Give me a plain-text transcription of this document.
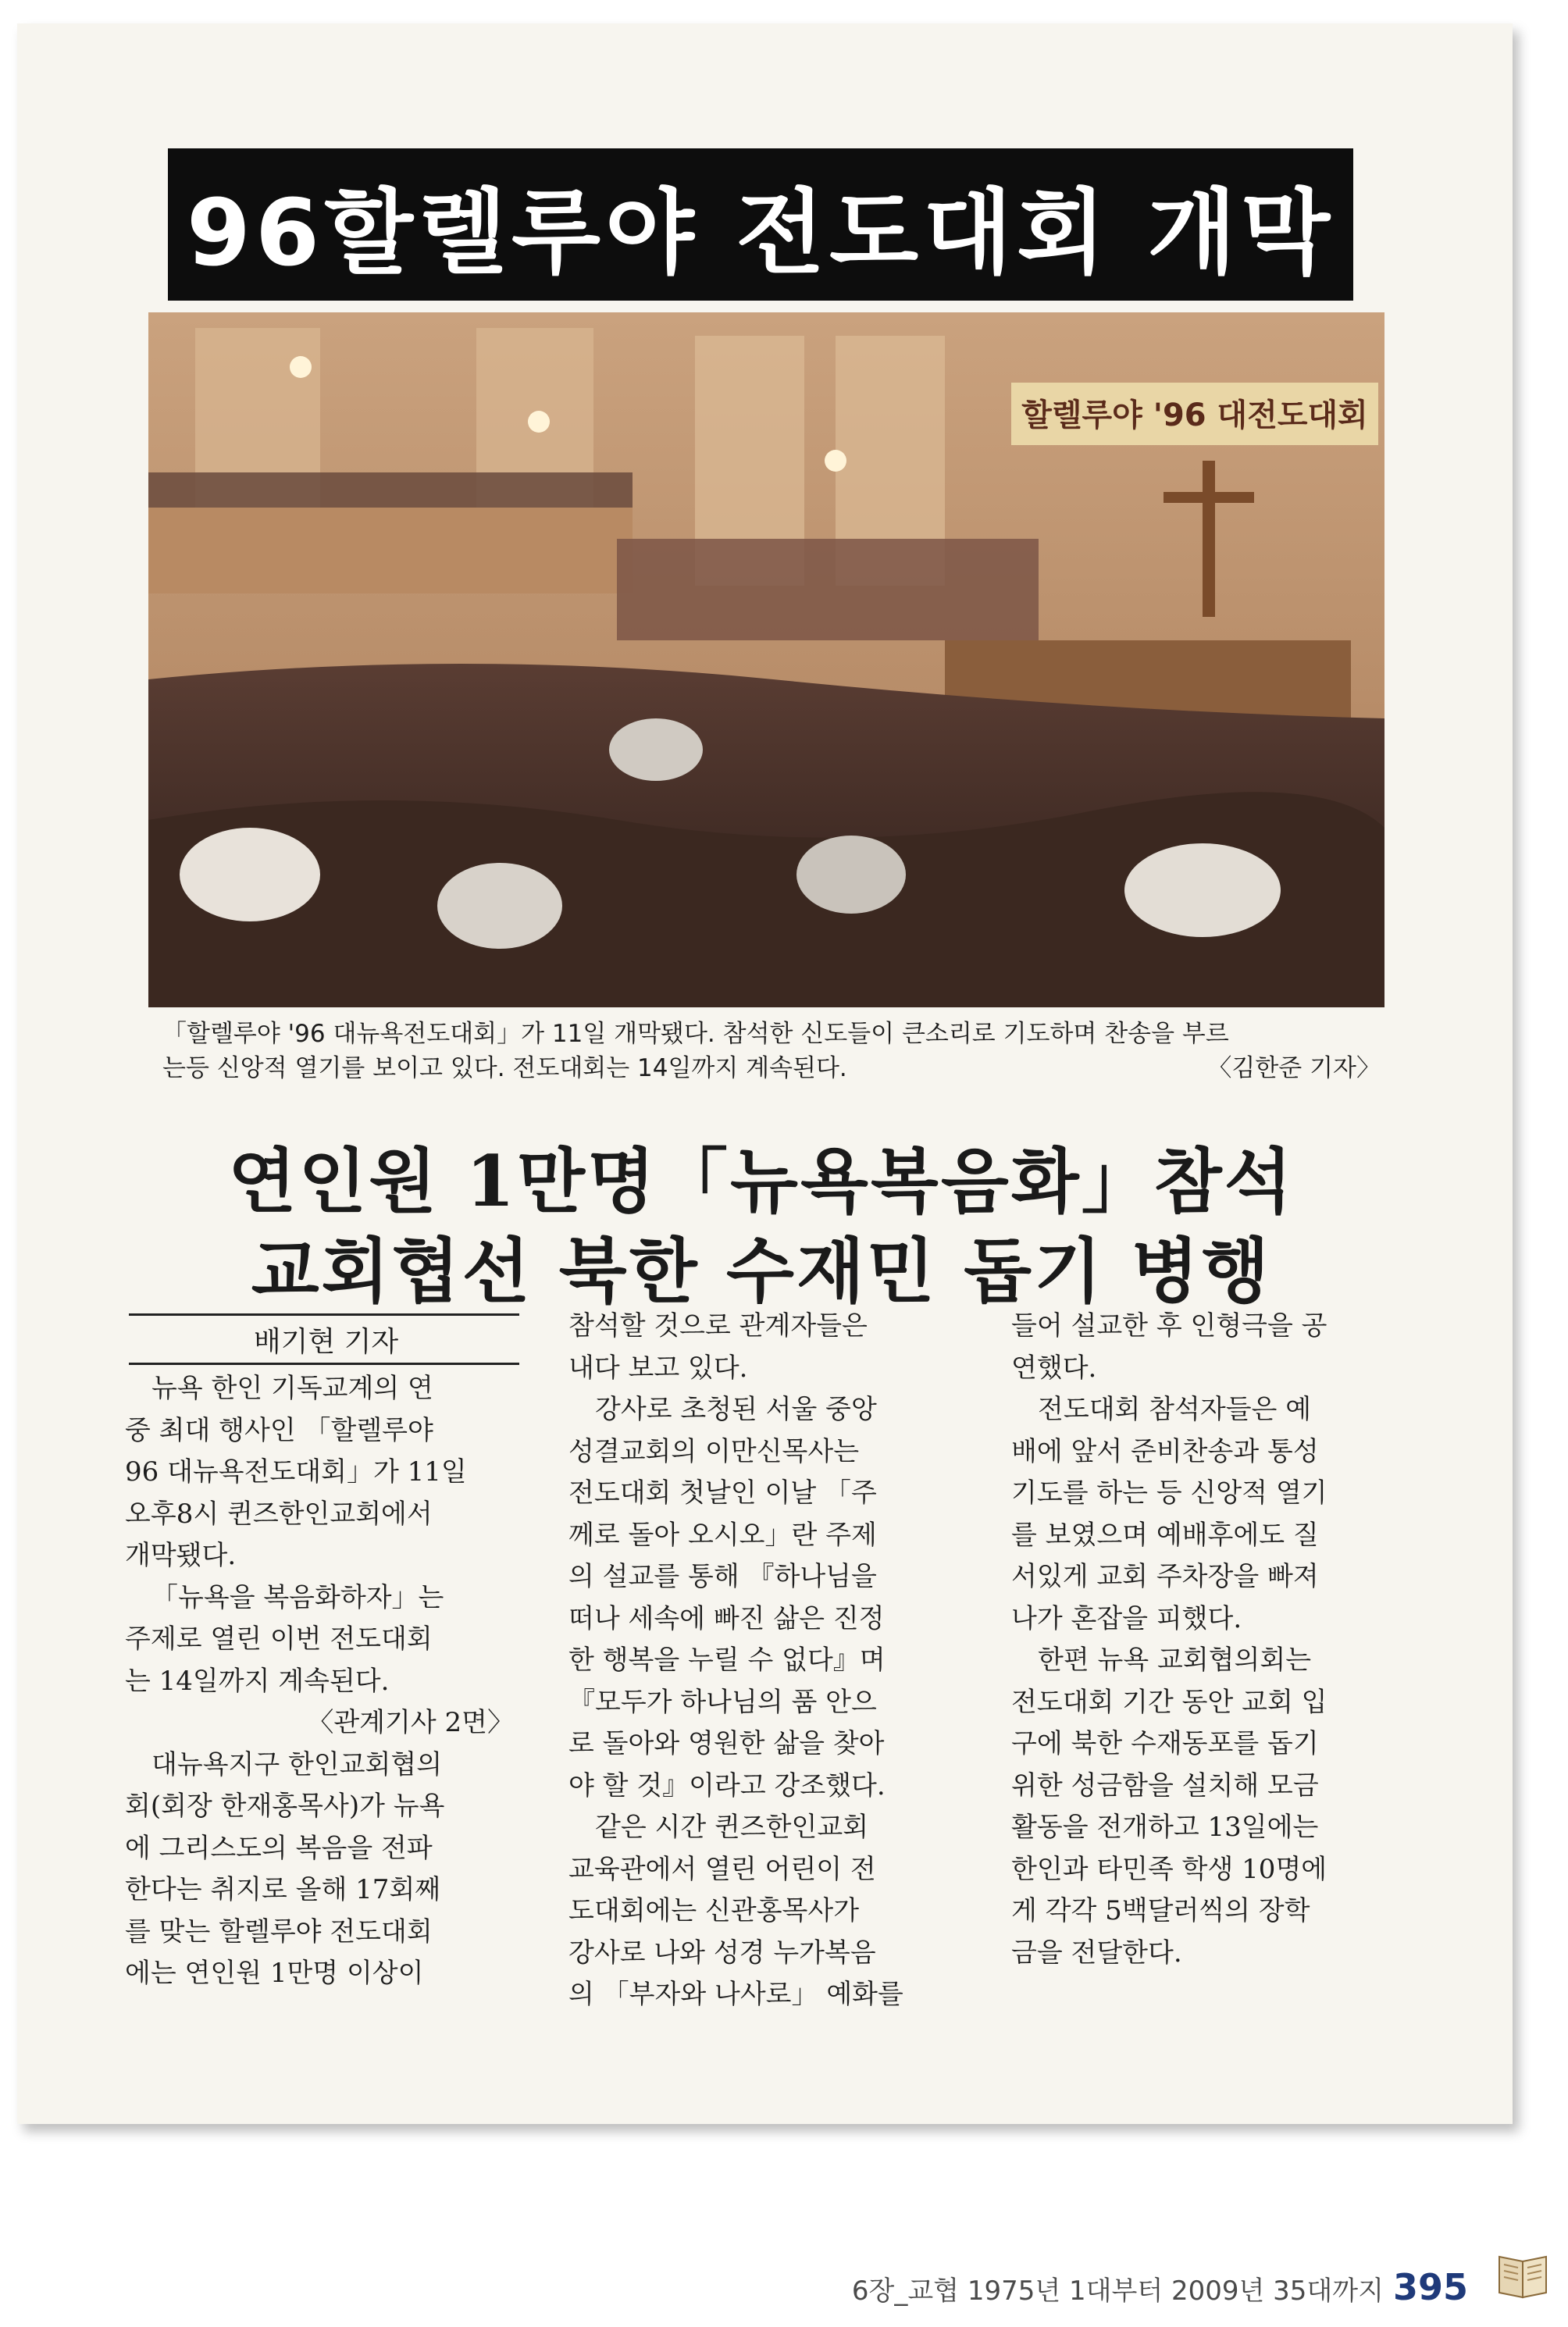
96할렐루야 전도대회 개막
할렐루야 '96 대전도대회
「할렐루야 '96 대뉴욕전도대회」가 11일 개막됐다. 참석한 신도들이 큰소리로 기도하며 찬송을 부르
는등 신앙적 열기를 보이고 있다. 전도대회는 14일까지 계속된다.	〈김한준 기자〉
연인원 1만명「뉴욕복음화」참석
교회협선 북한 수재민 돕기 병행
배기현 기자
뉴욕 한인 기독교계의 연
중 최대 행사인 「할렐루야
96 대뉴욕전도대회」가 11일
오후8시 퀸즈한인교회에서
개막됐다.
「뉴욕을 복음화하자」는
주제로 열린 이번 전도대회
는 14일까지 계속된다.
〈관계기사 2면〉
대뉴욕지구 한인교회협의
회(회장 한재홍목사)가 뉴욕
에 그리스도의 복음을 전파
한다는 취지로 올해 17회째
를 맞는 할렐루야 전도대회
에는 연인원 1만명 이상이
참석할 것으로 관계자들은
내다 보고 있다.
강사로 초청된 서울 중앙
성결교회의 이만신목사는
전도대회 첫날인 이날 「주
께로 돌아 오시오」란 주제
의 설교를 통해 『하나님을
떠나 세속에 빠진 삶은 진정
한 행복을 누릴 수 없다』며
『모두가 하나님의 품 안으
로 돌아와 영원한 삶을 찾아
야 할 것』이라고 강조했다.
같은 시간 퀸즈한인교회
교육관에서 열린 어린이 전
도대회에는 신관홍목사가
강사로 나와 성경 누가복음
의 「부자와 나사로」 예화를
들어 설교한 후 인형극을 공
연했다.
전도대회 참석자들은 예
배에 앞서 준비찬송과 통성
기도를 하는 등 신앙적 열기
를 보였으며 예배후에도 질
서있게 교회 주차장을 빠져
나가 혼잡을 피했다.
한편 뉴욕 교회협의회는
전도대회 기간 동안 교회 입
구에 북한 수재동포를 돕기
위한 성금함을 설치해 모금
활동을 전개하고 13일에는
한인과 타민족 학생 10명에
게 각각 5백달러씩의 장학
금을 전달한다.
6장_교협 1975년 1대부터 2009년 35대까지 395
